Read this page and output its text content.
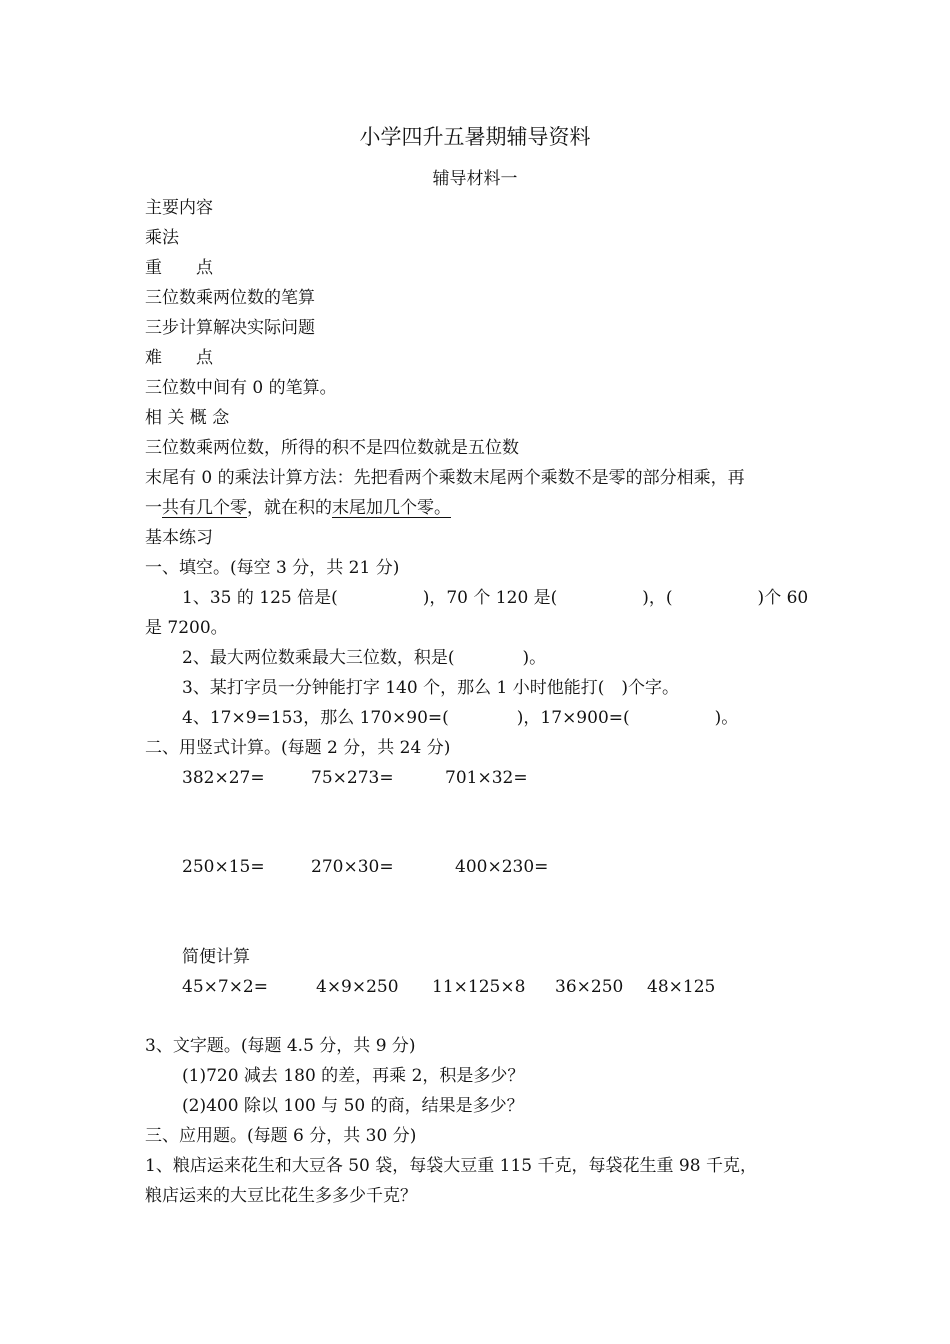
小学四升五暑期辅导资料
辅导材料一
主要内容
乘法
重　　点
三位数乘两位数的笔算
三步计算解决实际问题
难　　点
三位数中间有 0 的笔算。
相 关 概 念
三位数乘两位数，所得的积不是四位数就是五位数
末尾有 0 的乘法计算方法：先把看两个乘数末尾两个乘数不是零的部分相乘，再
一共有几个零，就在积的末尾加几个零。
基本练习
一、填空。(每空 3 分，共 21 分)
1、35 的 125 倍是(　　　　　)，70 个 120 是(　　　　　)，(　　　　　)个 60
是 7200。
2、最大两位数乘最大三位数，积是(　　　　)。
3、某打字员一分钟能打字 140 个，那么 1 小时他能打(　)个字。
4、17×9=153，那么 170×90=(　　　　)，17×900=(　　　　　)。
二、用竖式计算。(每题 2 分，共 24 分)
382×27=	75×273=	701×32=
250×15=	270×30=	400×230=
简便计算
45×7×2=	4×9×250 11×125×8 36×250 48×125
3、文字题。(每题 4.5 分，共 9 分)
(1)720 减去 180 的差，再乘 2，积是多少？
(2)400 除以 100 与 50 的商，结果是多少？
三、应用题。(每题 6 分，共 30 分)
1、粮店运来花生和大豆各 50 袋，每袋大豆重 115 千克，每袋花生重 98 千克，
粮店运来的大豆比花生多多少千克？
